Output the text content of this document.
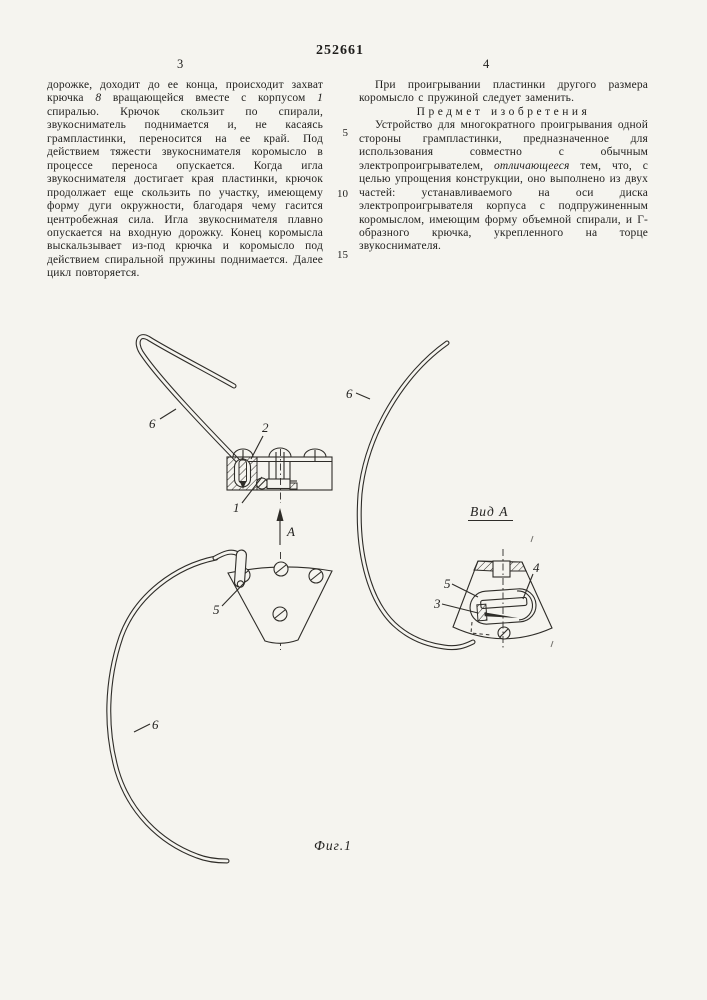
252661
3	4

дорожке, доходит до ее конца, происходит захват крючка 8 вращающейся вместе с корпусом 1 спиралью. Крючок скользит по спирали, звукосниматель поднимается и, не касаясь грампластинки, переносится на ее край. Под действием тяжести звукоснимателя коромысло в процессе переноса опускается. Когда игла звукоснимателя достигает края пластинки, крючок продолжает еще скользить по участку, имеющему форму дуги окружности, благодаря чему гасится центробежная сила. Игла звукоснимателя плавно опускается на входную дорожку. Конец коромысла выскальзывает из-под крючка и коромысло под действием спиральной пружины поднимается. Далее цикл повторяется.

При проигрывании пластинки другого размера коромысло с пружиной следует заменить.

Предмет изобретения

Устройство для многократного проигрывания одной стороны грампластинки, предназначенное для использования совместно с обычным электропроигрывателем, отличающееся тем, что, с целью упрощения конструкции, оно выполнено из двух частей: устанавливаемого на оси диска электропроигрывателя корпуса с подпружиненным коромыслом, имеющим форму объемной спирали, и Г-образного крючка, укрепленного на торце звукоснимателя.

5
10
15
А
6	2
1
6
5
6
5
3
4
Вид А
Фиг.1
